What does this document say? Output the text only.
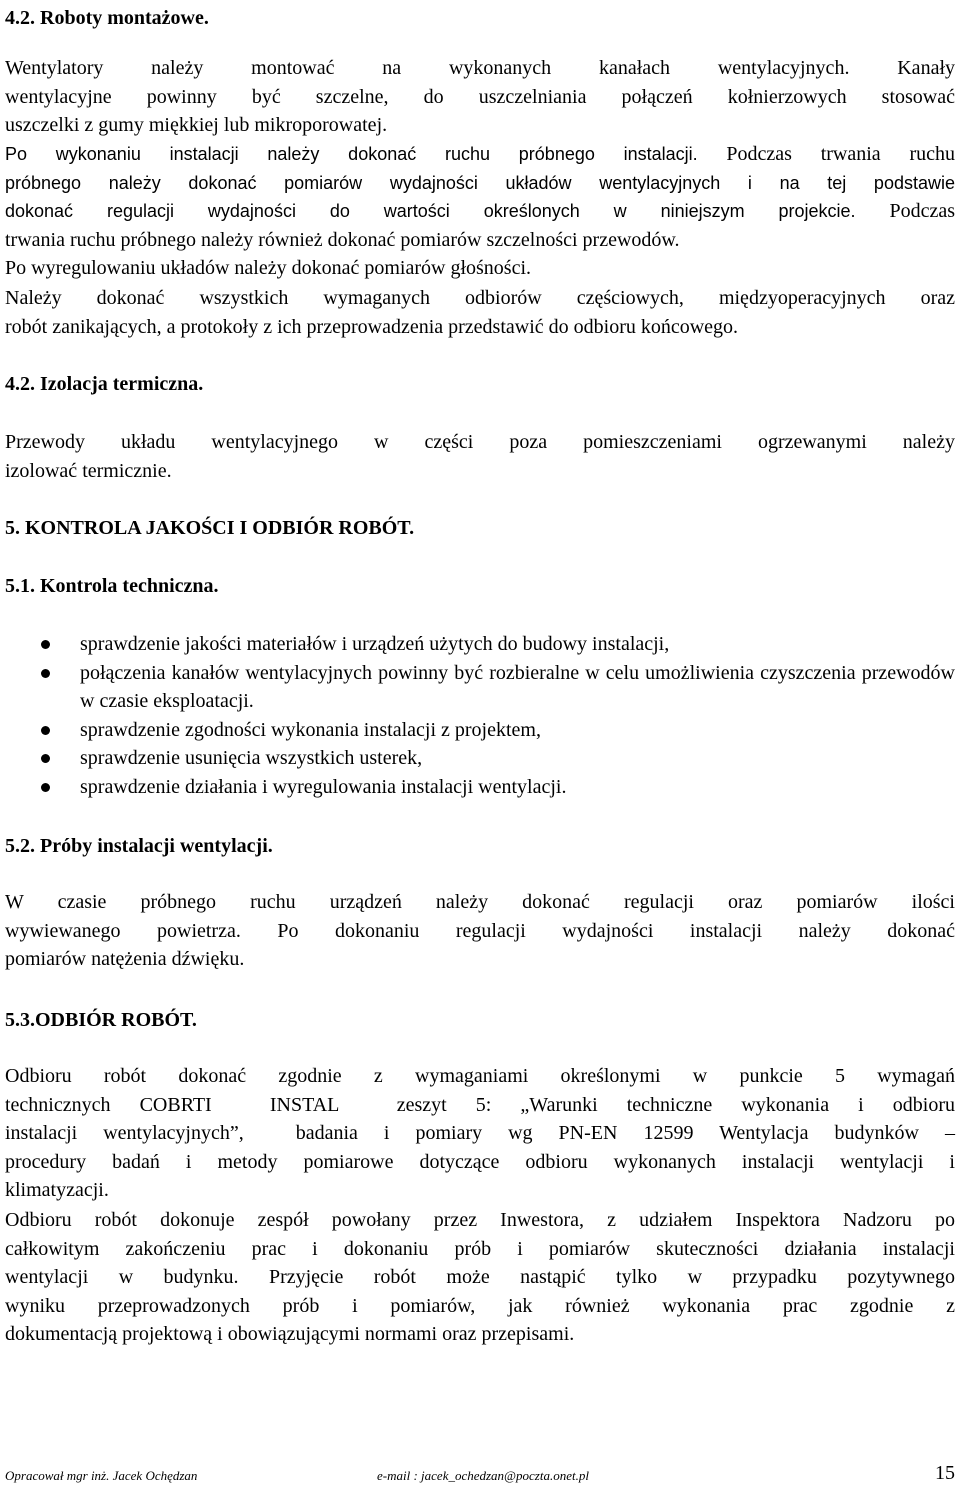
4.2. Roboty montażowe.
Wentylatory należy montować na wykonanych kanałach wentylacyjnych. Kanały
wentylacyjne powinny być szczelne, do uszczelniania połączeń kołnierzowych stosować
uszczelki z gumy miękkiej lub mikroporowatej.
Po wykonaniu instalacji należy dokonać ruchu próbnego instalacji. Podczas trwania ruchu
próbnego należy dokonać pomiarów wydajności układów wentylacyjnych i na tej podstawie
dokonać regulacji wydajności do wartości określonych w niniejszym projekcie. Podczas
trwania ruchu próbnego należy również dokonać pomiarów szczelności przewodów.
Po wyregulowaniu układów należy dokonać pomiarów głośności.
Należy dokonać wszystkich wymaganych odbiorów częściowych, międzyoperacyjnych oraz
robót zanikających, a protokoły z ich przeprowadzenia przedstawić do odbioru końcowego.
4.2. Izolacja termiczna.
Przewody układu wentylacyjnego w części poza pomieszczeniami ogrzewanymi należy
izolować termicznie.
5. KONTROLA JAKOŚCI I ODBIÓR ROBÓT.
5.1. Kontrola techniczna.
sprawdzenie jakości materiałów i urządzeń użytych do budowy instalacji,
połączenia kanałów wentylacyjnych powinny być rozbieralne w celu umożliwienia czyszczenia przewodów w czasie eksploatacji.
sprawdzenie zgodności wykonania instalacji z projektem,
sprawdzenie usunięcia wszystkich usterek,
sprawdzenie działania i wyregulowania instalacji wentylacji.
5.2. Próby instalacji wentylacji.
W czasie próbnego ruchu urządzeń należy dokonać regulacji oraz pomiarów ilości
wywiewanego powietrza. Po dokonaniu regulacji wydajności instalacji należy dokonać
pomiarów natężenia dźwięku.
5.3.ODBIÓR ROBÓT.
Odbioru robót dokonać zgodnie z wymaganiami określonymi w punkcie 5 wymagań
technicznych COBRTI  INSTAL  zeszyt 5: „Warunki techniczne wykonania i odbioru
instalacji wentylacyjnych”,  badania i pomiary wg PN-EN 12599 Wentylacja budynków –
procedury badań i metody pomiarowe dotyczące odbioru wykonanych instalacji wentylacji i
klimatyzacji.
Odbioru robót dokonuje zespół powołany przez Inwestora, z udziałem Inspektora Nadzoru po
całkowitym zakończeniu prac i dokonaniu prób i pomiarów skuteczności działania instalacji
wentylacji w budynku. Przyjęcie robót może nastąpić tylko w przypadku pozytywnego
wyniku przeprowadzonych prób i pomiarów, jak również wykonania prac zgodnie z
dokumentacją projektową i obowiązującymi normami oraz przepisami.
Opracował mgr inż. Jacek Ochędzan	e-mail : jacek_ochedzan@poczta.onet.pl	15
